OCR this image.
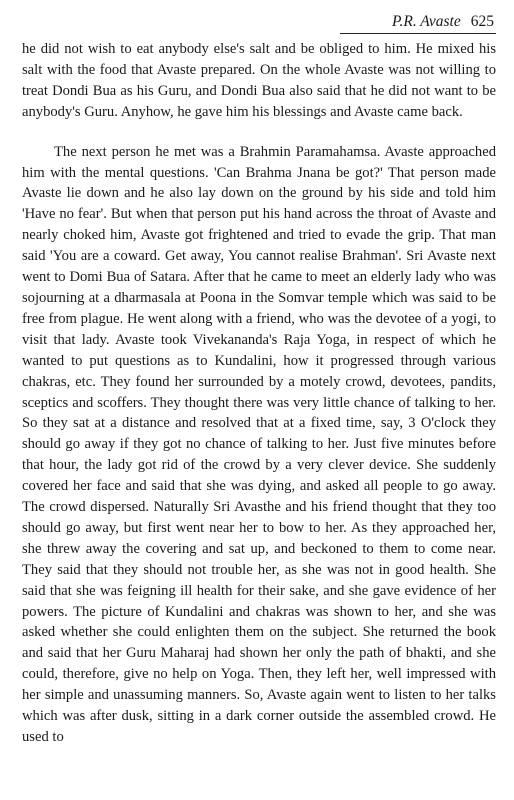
P.R. Avaste 625

he did not wish to eat anybody else's salt and be obliged to him. He mixed his salt with the food that Avaste prepared. On the whole Avaste was not willing to treat Dondi Bua as his Guru, and Dondi Bua also said that he did not want to be anybody's Guru. Anyhow, he gave him his blessings and Avaste came back.

The next person he met was a Brahmin Paramahamsa. Avaste approached him with the mental questions. 'Can Brahma Jnana be got?' That person made Avaste lie down and he also lay down on the ground by his side and told him 'Have no fear'. But when that person put his hand across the throat of Avaste and nearly choked him, Avaste got frightened and tried to evade the grip. That man said 'You are a coward. Get away, You cannot realise Brahman'. Sri Avaste next went to Domi Bua of Satara. After that he came to meet an elderly lady who was sojourning at a dharmasala at Poona in the Somvar temple which was said to be free from plague. He went along with a friend, who was the devotee of a yogi, to visit that lady. Avaste took Vivekananda's Raja Yoga, in respect of which he wanted to put questions as to Kundalini, how it progressed through various chakras, etc. They found her surrounded by a motely crowd, devotees, pandits, sceptics and scoffers. They thought there was very little chance of talking to her. So they sat at a distance and resolved that at a fixed time, say, 3 O'clock they should go away if they got no chance of talking to her. Just five minutes before that hour, the lady got rid of the crowd by a very clever device. She suddenly covered her face and said that she was dying, and asked all people to go away. The crowd dispersed. Naturally Sri Avasthe and his friend thought that they too should go away, but first went near her to bow to her. As they approached her, she threw away the covering and sat up, and beckoned to them to come near. They said that they should not trouble her, as she was not in good health. She said that she was feigning ill health for their sake, and she gave evidence of her powers. The picture of Kundalini and chakras was shown to her, and she was asked whether she could enlighten them on the subject. She returned the book and said that her Guru Maharaj had shown her only the path of bhakti, and she could, therefore, give no help on Yoga. Then, they left her, well impressed with her simple and unassuming manners. So, Avaste again went to listen to her talks which was after dusk, sitting in a dark corner outside the assembled crowd. He used to
